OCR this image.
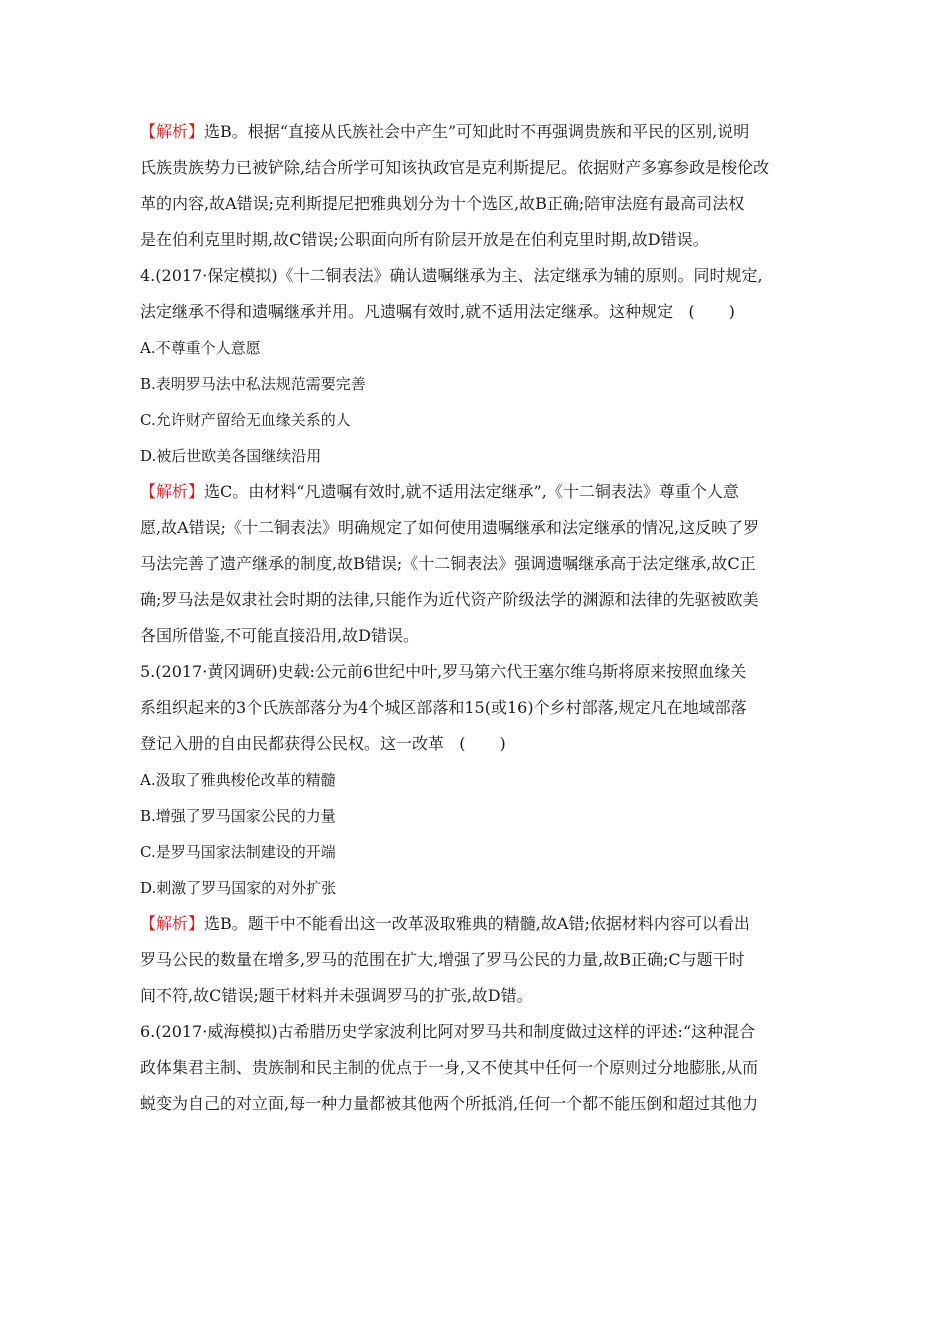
【解析】选B。根据“直接从氏族社会中产生”可知此时不再强调贵族和平民的区别,说明
氏族贵族势力已被铲除,结合所学可知该执政官是克利斯提尼。依据财产多寡参政是梭伦改
革的内容,故A错误;克利斯提尼把雅典划分为十个选区,故B正确;陪审法庭有最高司法权
是在伯利克里时期,故C错误;公职面向所有阶层开放是在伯利克里时期,故D错误。
4.(2017·保定模拟)《十二铜表法》确认遗嘱继承为主、法定继承为辅的原则。同时规定,
法定继承不得和遗嘱继承并用。凡遗嘱有效时,就不适用法定继承。这种规定 ( )
A.不尊重个人意愿
B.表明罗马法中私法规范需要完善
C.允许财产留给无血缘关系的人
D.被后世欧美各国继续沿用
【解析】选C。由材料“凡遗嘱有效时,就不适用法定继承”,《十二铜表法》尊重个人意
愿,故A错误;《十二铜表法》明确规定了如何使用遗嘱继承和法定继承的情况,这反映了罗
马法完善了遗产继承的制度,故B错误;《十二铜表法》强调遗嘱继承高于法定继承,故C正
确;罗马法是奴隶社会时期的法律,只能作为近代资产阶级法学的渊源和法律的先驱被欧美
各国所借鉴,不可能直接沿用,故D错误。
5.(2017·黄冈调研)史载:公元前6世纪中叶,罗马第六代王塞尔维乌斯将原来按照血缘关
系组织起来的3个氏族部落分为4个城区部落和15(或16)个乡村部落,规定凡在地域部落
登记入册的自由民都获得公民权。这一改革 ( )
A.汲取了雅典梭伦改革的精髓
B.增强了罗马国家公民的力量
C.是罗马国家法制建设的开端
D.刺激了罗马国家的对外扩张
【解析】选B。题干中不能看出这一改革汲取雅典的精髓,故A错;依据材料内容可以看出
罗马公民的数量在增多,罗马的范围在扩大,增强了罗马公民的力量,故B正确;C与题干时
间不符,故C错误;题干材料并未强调罗马的扩张,故D错。
6.(2017·威海模拟)古希腊历史学家波利比阿对罗马共和制度做过这样的评述:“这种混合
政体集君主制、贵族制和民主制的优点于一身,又不使其中任何一个原则过分地膨胀,从而
蜕变为自己的对立面,每一种力量都被其他两个所抵消,任何一个都不能压倒和超过其他力
